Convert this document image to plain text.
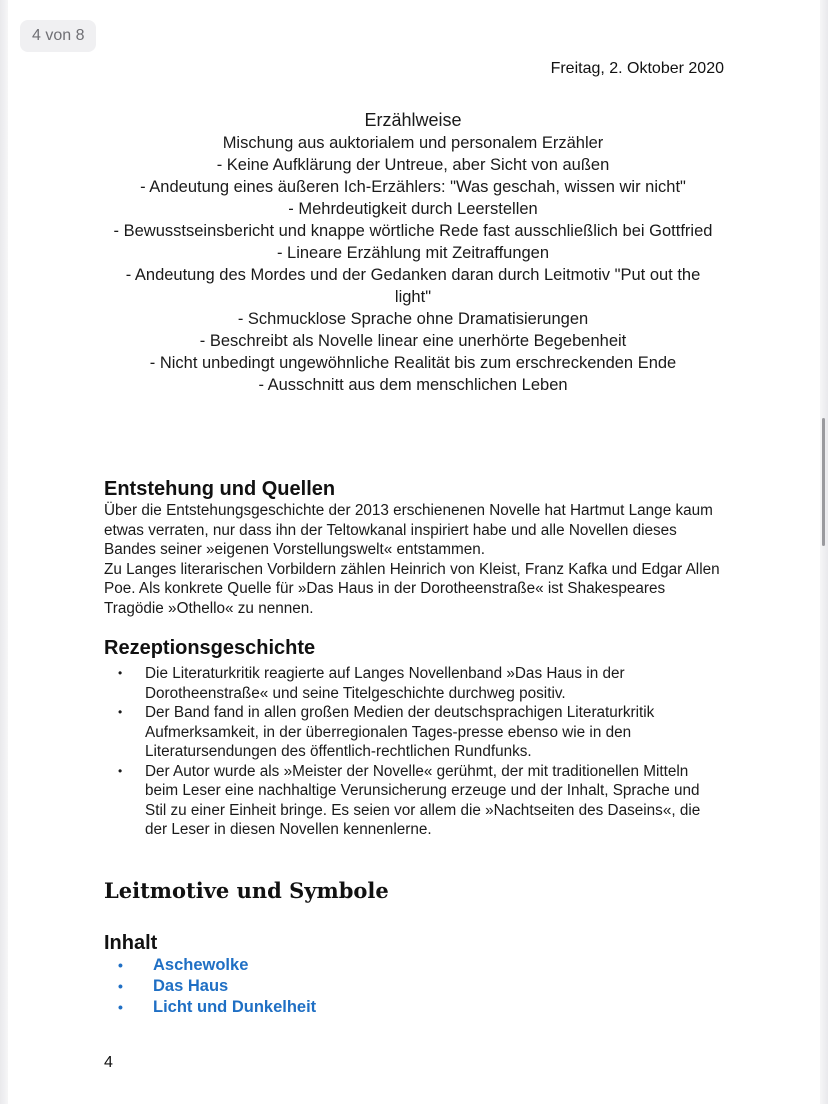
4 von 8
Freitag, 2. Oktober 2020
Erzählweise
Mischung aus auktorialem und personalem Erzähler
- Keine Aufklärung der Untreue, aber Sicht von außen
- Andeutung eines äußeren Ich-Erzählers: "Was geschah, wissen wir nicht"
- Mehrdeutigkeit durch Leerstellen
- Bewusstseinsbericht und knappe wörtliche Rede fast ausschließlich bei Gottfried
- Lineare Erzählung mit Zeitraffungen
- Andeutung des Mordes und der Gedanken daran durch Leitmotiv "Put out the light"
- Schmucklose Sprache ohne Dramatisierungen
- Beschreibt als Novelle linear eine unerhörte Begebenheit
- Nicht unbedingt ungewöhnliche Realität bis zum erschreckenden Ende
- Ausschnitt aus dem menschlichen Leben
Entstehung und Quellen
Über die Entstehungsgeschichte der 2013 erschienenen Novelle hat Hartmut Lange kaum etwas verraten, nur dass ihn der Teltowkanal inspiriert habe und alle Novellen dieses Bandes seiner »eigenen Vorstellungswelt« entstammen.
Zu Langes literarischen Vorbildern zählen Heinrich von Kleist, Franz Kafka und Edgar Allen Poe. Als konkrete Quelle für »Das Haus in der Dorotheenstraße« ist Shakespeares Tragödie »Othello« zu nennen.
Rezeptionsgeschichte
• Die Literaturkritik reagierte auf Langes Novellenband »Das Haus in der Dorotheenstraße« und seine Titelgeschichte durchweg positiv.
• Der Band fand in allen großen Medien der deutschsprachigen Literaturkritik Aufmerksamkeit, in der überregionalen Tages-presse ebenso wie in den Literatursendungen des öffentlich-rechtlichen Rundfunks.
• Der Autor wurde als »Meister der Novelle« gerühmt, der mit traditionellen Mitteln beim Leser eine nachhaltige Verunsicherung erzeuge und der Inhalt, Sprache und Stil zu einer Einheit bringe. Es seien vor allem die »Nachtseiten des Daseins«, die der Leser in diesen Novellen kennenlerne.
Leitmotive und Symbole
Inhalt
• Aschewolke
• Das Haus
• Licht und Dunkelheit
4
